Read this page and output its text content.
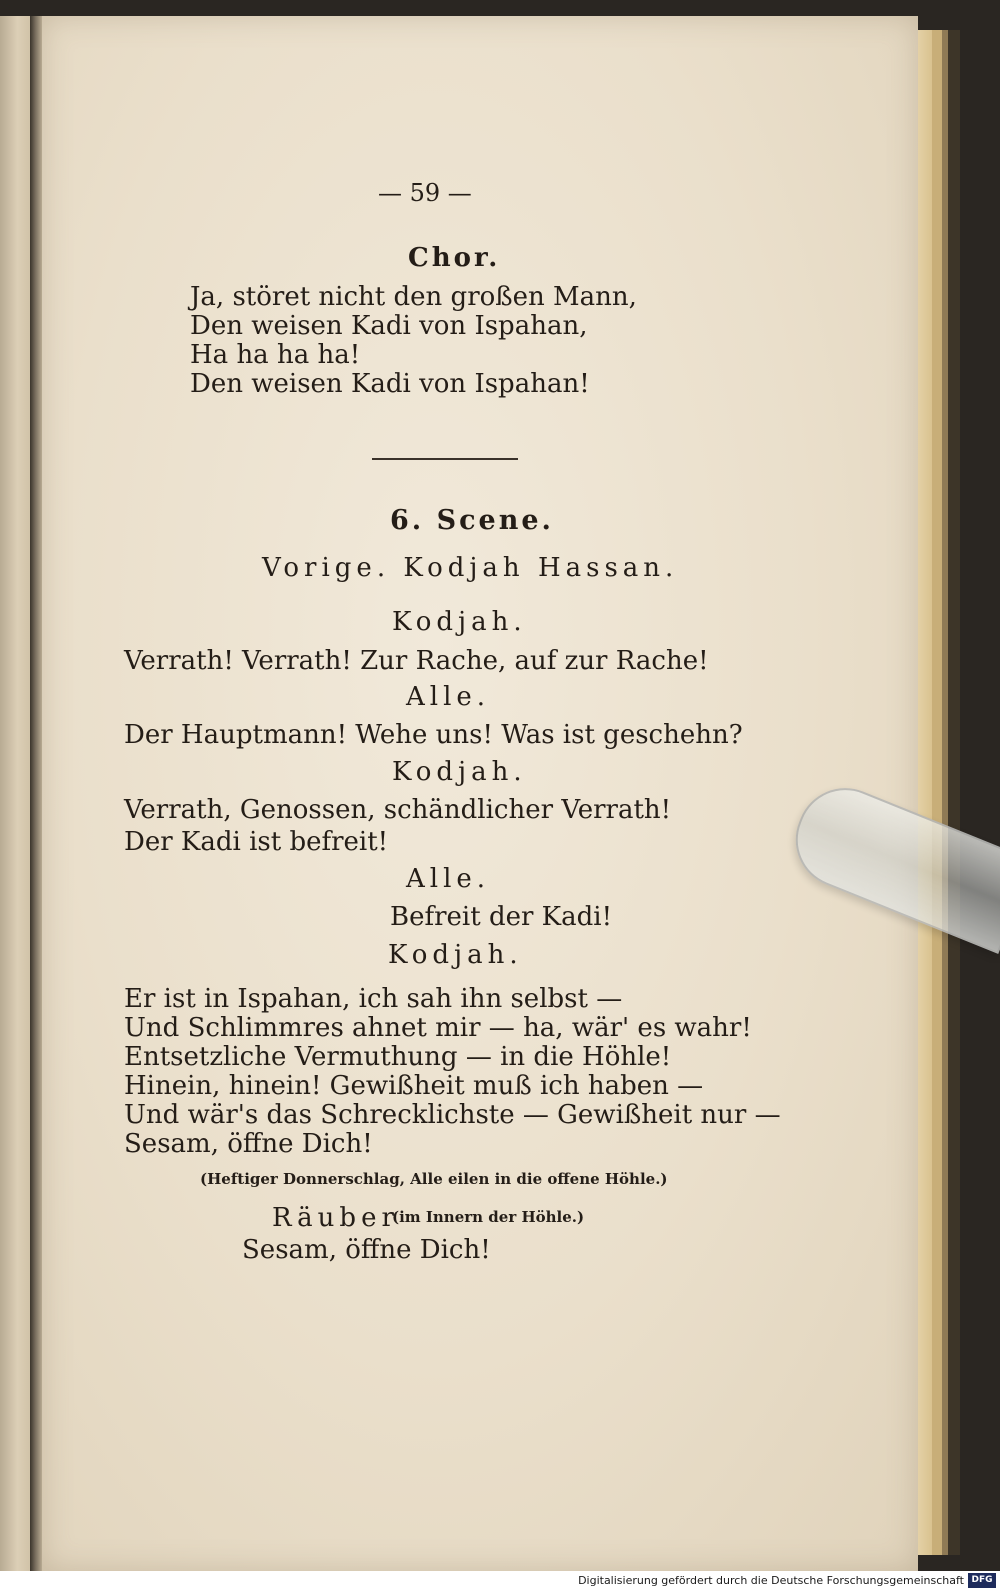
— 59 —
Chor.
Ja, störet nicht den großen Mann,
Den weisen Kadi von Ispahan,
Ha ha ha ha!
Den weisen Kadi von Ispahan!
6. Scene.
Vorige. Kodjah Hassan.
Kodjah.
Verrath! Verrath! Zur Rache, auf zur Rache!
Alle.
Der Hauptmann! Wehe uns! Was ist geschehn?
Kodjah.
Verrath, Genossen, schändlicher Verrath!
Der Kadi ist befreit!
Alle.
Befreit der Kadi!
Kodjah.
Er ist in Ispahan, ich sah ihn selbst —
Und Schlimmres ahnet mir — ha, wär' es wahr!
Entsetzliche Vermuthung — in die Höhle!
Hinein, hinein! Gewißheit muß ich haben —
Und wär's das Schrecklichste — Gewißheit nur —
Sesam, öffne Dich!
(Heftiger Donnerschlag, Alle eilen in die offene Höhle.)
Räuber
(im Innern der Höhle.)
Sesam, öffne Dich!
Digitalisierung gefördert durch die Deutsche Forschungsgemeinschaft DFG
